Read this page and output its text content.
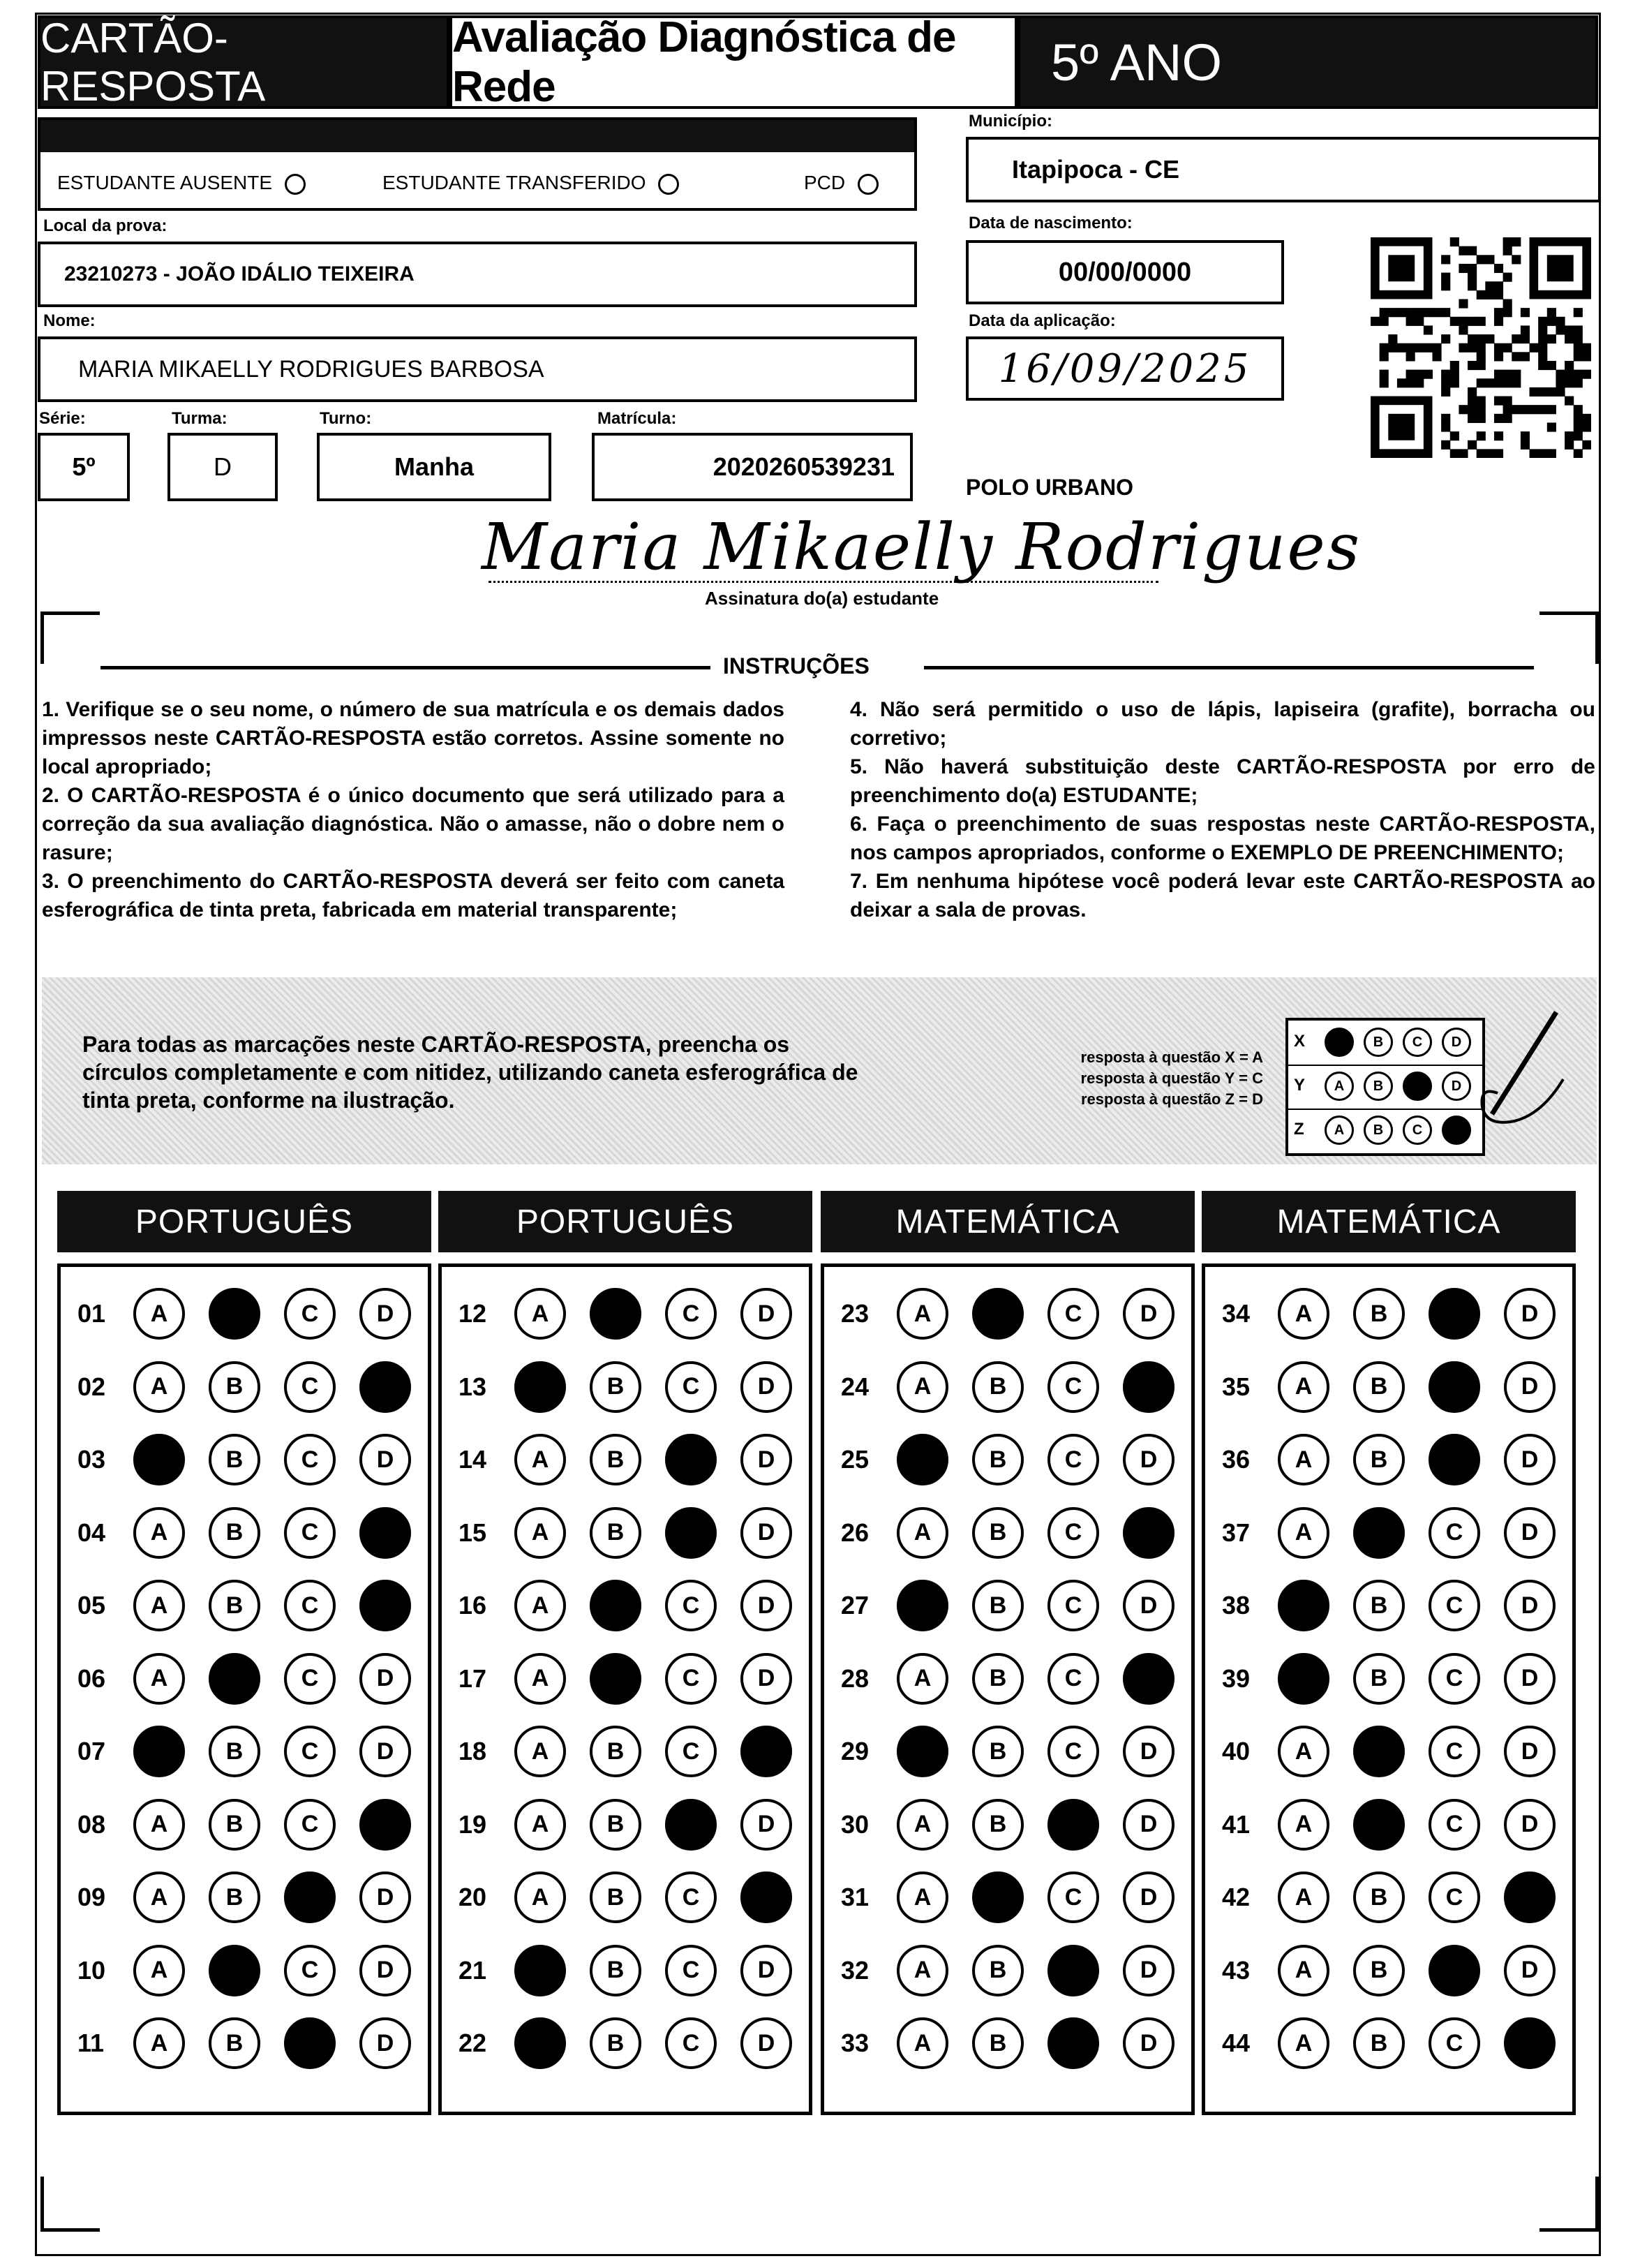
CARTÃO-RESPOSTA
Avaliação Diagnóstica de Rede	5º ANO
ESTUDANTE AUSENTE	ESTUDANTE TRANSFERIDO	PCD
Local da prova:
23210273 - JOÃO IDÁLIO TEIXEIRA
Nome:
MARIA MIKAELLY RODRIGUES BARBOSA
Série:
5º
Turma:
D
Turno:
Manha
Matrícula:
2020260539231
Município:
Itapipoca - CE
Data de nascimento:
00/00/0000
Data da aplicação:
16/09/2025
POLO URBANO
Maria Mikaelly Rodrigues
Assinatura do(a) estudante
INSTRUÇÕES

1. Verifique se o seu nome, o número de sua matrícula e os demais dados impressos neste CARTÃO-RESPOSTA estão corretos. Assine somente no local apropriado;

2. O CARTÃO-RESPOSTA é o único documento que será utilizado para a correção da sua avaliação diagnóstica. Não o amasse, não o dobre nem o rasure;

3. O preenchimento do CARTÃO-RESPOSTA deverá ser feito com caneta esferográfica de tinta preta, fabricada em material transparente;

4. Não será permitido o uso de lápis, lapiseira (grafite), borracha ou corretivo;

5. Não haverá substituição deste CARTÃO-RESPOSTA por erro de preenchimento do(a) ESTUDANTE;

6. Faça o preenchimento de suas respostas neste CARTÃO-RESPOSTA, nos campos apropriados, conforme o EXEMPLO DE PREENCHIMENTO;

7. Em nenhuma hipótese você poderá levar este CARTÃO-RESPOSTA ao deixar a sala de provas.

Para todas as marcações neste CARTÃO-RESPOSTA, preencha os círculos completamente e com nitidez, utilizando caneta esferográfica de tinta preta, conforme na ilustração.
resposta à questão X = A
resposta à questão Y = C
resposta à questão Z = D
X	B C D
Y A B	D
Z A B C
PORTUGUÊS
01 A	C D
02 A B C
03	B C D
04 A B C
05 A B C
06 A	C D
07	B C D
08 A B C
09 A B	D
10 A	C D
11 A B	D
PORTUGUÊS
12 A	C D
13	B C D
14 A B	D
15 A B	D
16 A	C D
17 A	C D
18 A B C
19 A B	D
20 A B C
21	B C D
22	B C D
MATEMÁTICA
23 A	C D
24 A B C
25	B C D
26 A B C
27	B C D
28 A B C
29	B C D
30 A B	D
31 A	C D
32 A B	D
33 A B	D
MATEMÁTICA
34 A B	D
35 A B	D
36 A B	D
37 A	C D
38	B C D
39	B C D
40 A	C D
41 A	C D
42 A B C
43 A B	D
44 A B C
